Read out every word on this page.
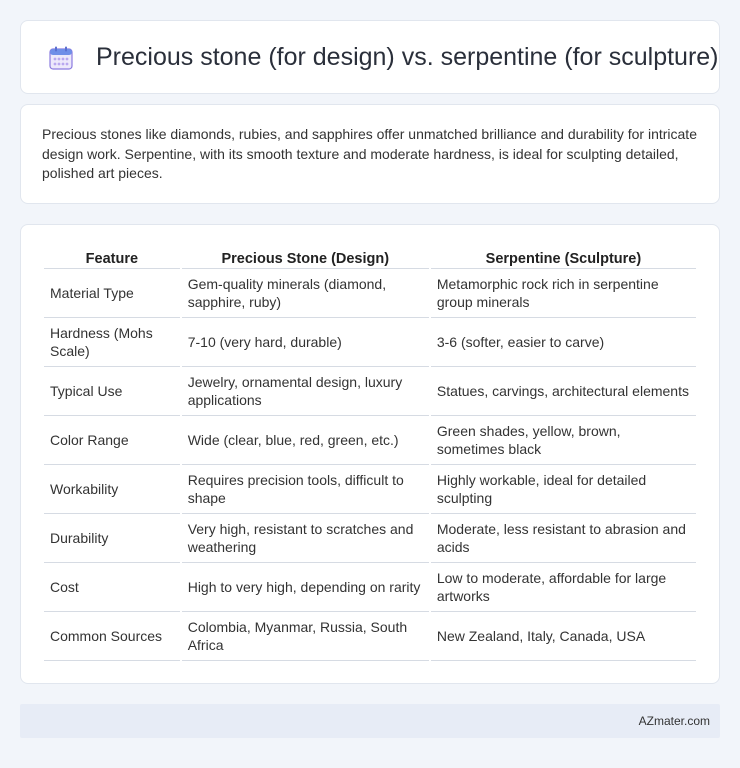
Precious stone (for design) vs. serpentine (for sculpture)

Precious stones like diamonds, rubies, and sapphires offer unmatched brilliance and durability for intricate design work. Serpentine, with its smooth texture and moderate hardness, is ideal for sculpting detailed, polished art pieces.

Feature	Precious Stone (Design)	Serpentine (Sculpture)
Material Type	Gem-quality minerals (diamond, sapphire, ruby)	Metamorphic rock rich in serpentine group minerals
Hardness (Mohs Scale)	7-10 (very hard, durable)	3-6 (softer, easier to carve)
Typical Use	Jewelry, ornamental design, luxury applications	Statues, carvings, architectural elements
Color Range	Wide (clear, blue, red, green, etc.)	Green shades, yellow, brown, sometimes black
Workability	Requires precision tools, difficult to shape	Highly workable, ideal for detailed sculpting
Durability	Very high, resistant to scratches and weathering	Moderate, less resistant to abrasion and acids
Cost	High to very high, depending on rarity	Low to moderate, affordable for large artworks
Common Sources	Colombia, Myanmar, Russia, South Africa	New Zealand, Italy, Canada, USA
AZmater.com
